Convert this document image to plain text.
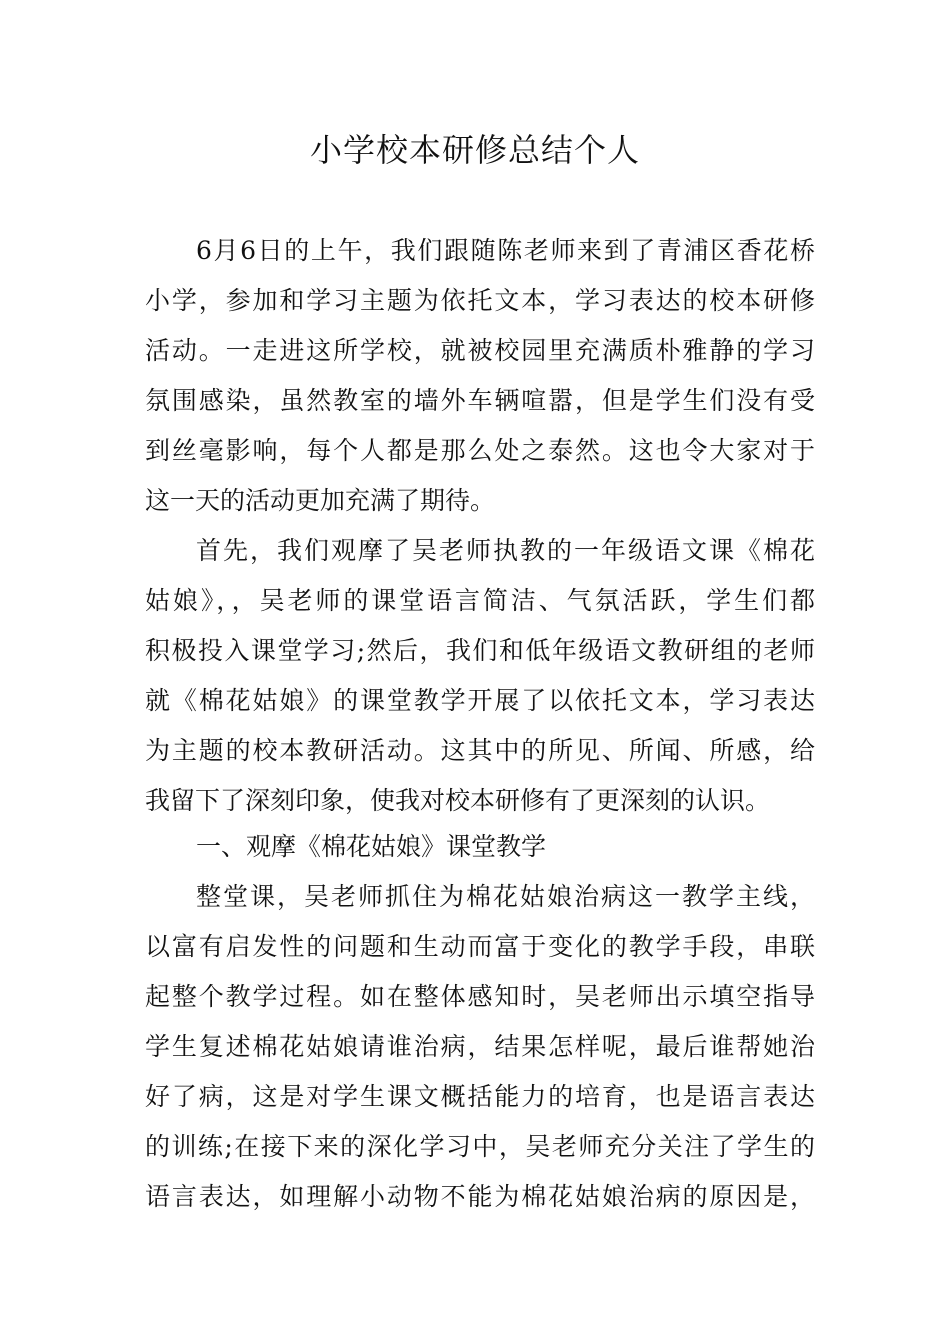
小学校本研修总结个人
6月6日的上午，我们跟随陈老师来到了青浦区香花桥
小学，参加和学习主题为依托文本，学习表达的校本研修
活动。一走进这所学校，就被校园里充满质朴雅静的学习
氛围感染，虽然教室的墙外车辆喧嚣，但是学生们没有受
到丝毫影响，每个人都是那么处之泰然。这也令大家对于
这一天的活动更加充满了期待。
首先，我们观摩了吴老师执教的一年级语文课《棉花
姑娘》，，吴老师的课堂语言简洁、气氛活跃，学生们都
积极投入课堂学习;然后，我们和低年级语文教研组的老师
就《棉花姑娘》的课堂教学开展了以依托文本，学习表达
为主题的校本教研活动。这其中的所见、所闻、所感，给
我留下了深刻印象，使我对校本研修有了更深刻的认识。
一、观摩《棉花姑娘》课堂教学
整堂课，吴老师抓住为棉花姑娘治病这一教学主线，
以富有启发性的问题和生动而富于变化的教学手段，串联
起整个教学过程。如在整体感知时，吴老师出示填空指导
学生复述棉花姑娘请谁治病，结果怎样呢，最后谁帮她治
好了病，这是对学生课文概括能力的培育，也是语言表达
的训练;在接下来的深化学习中，吴老师充分关注了学生的
语言表达，如理解小动物不能为棉花姑娘治病的原因是，
